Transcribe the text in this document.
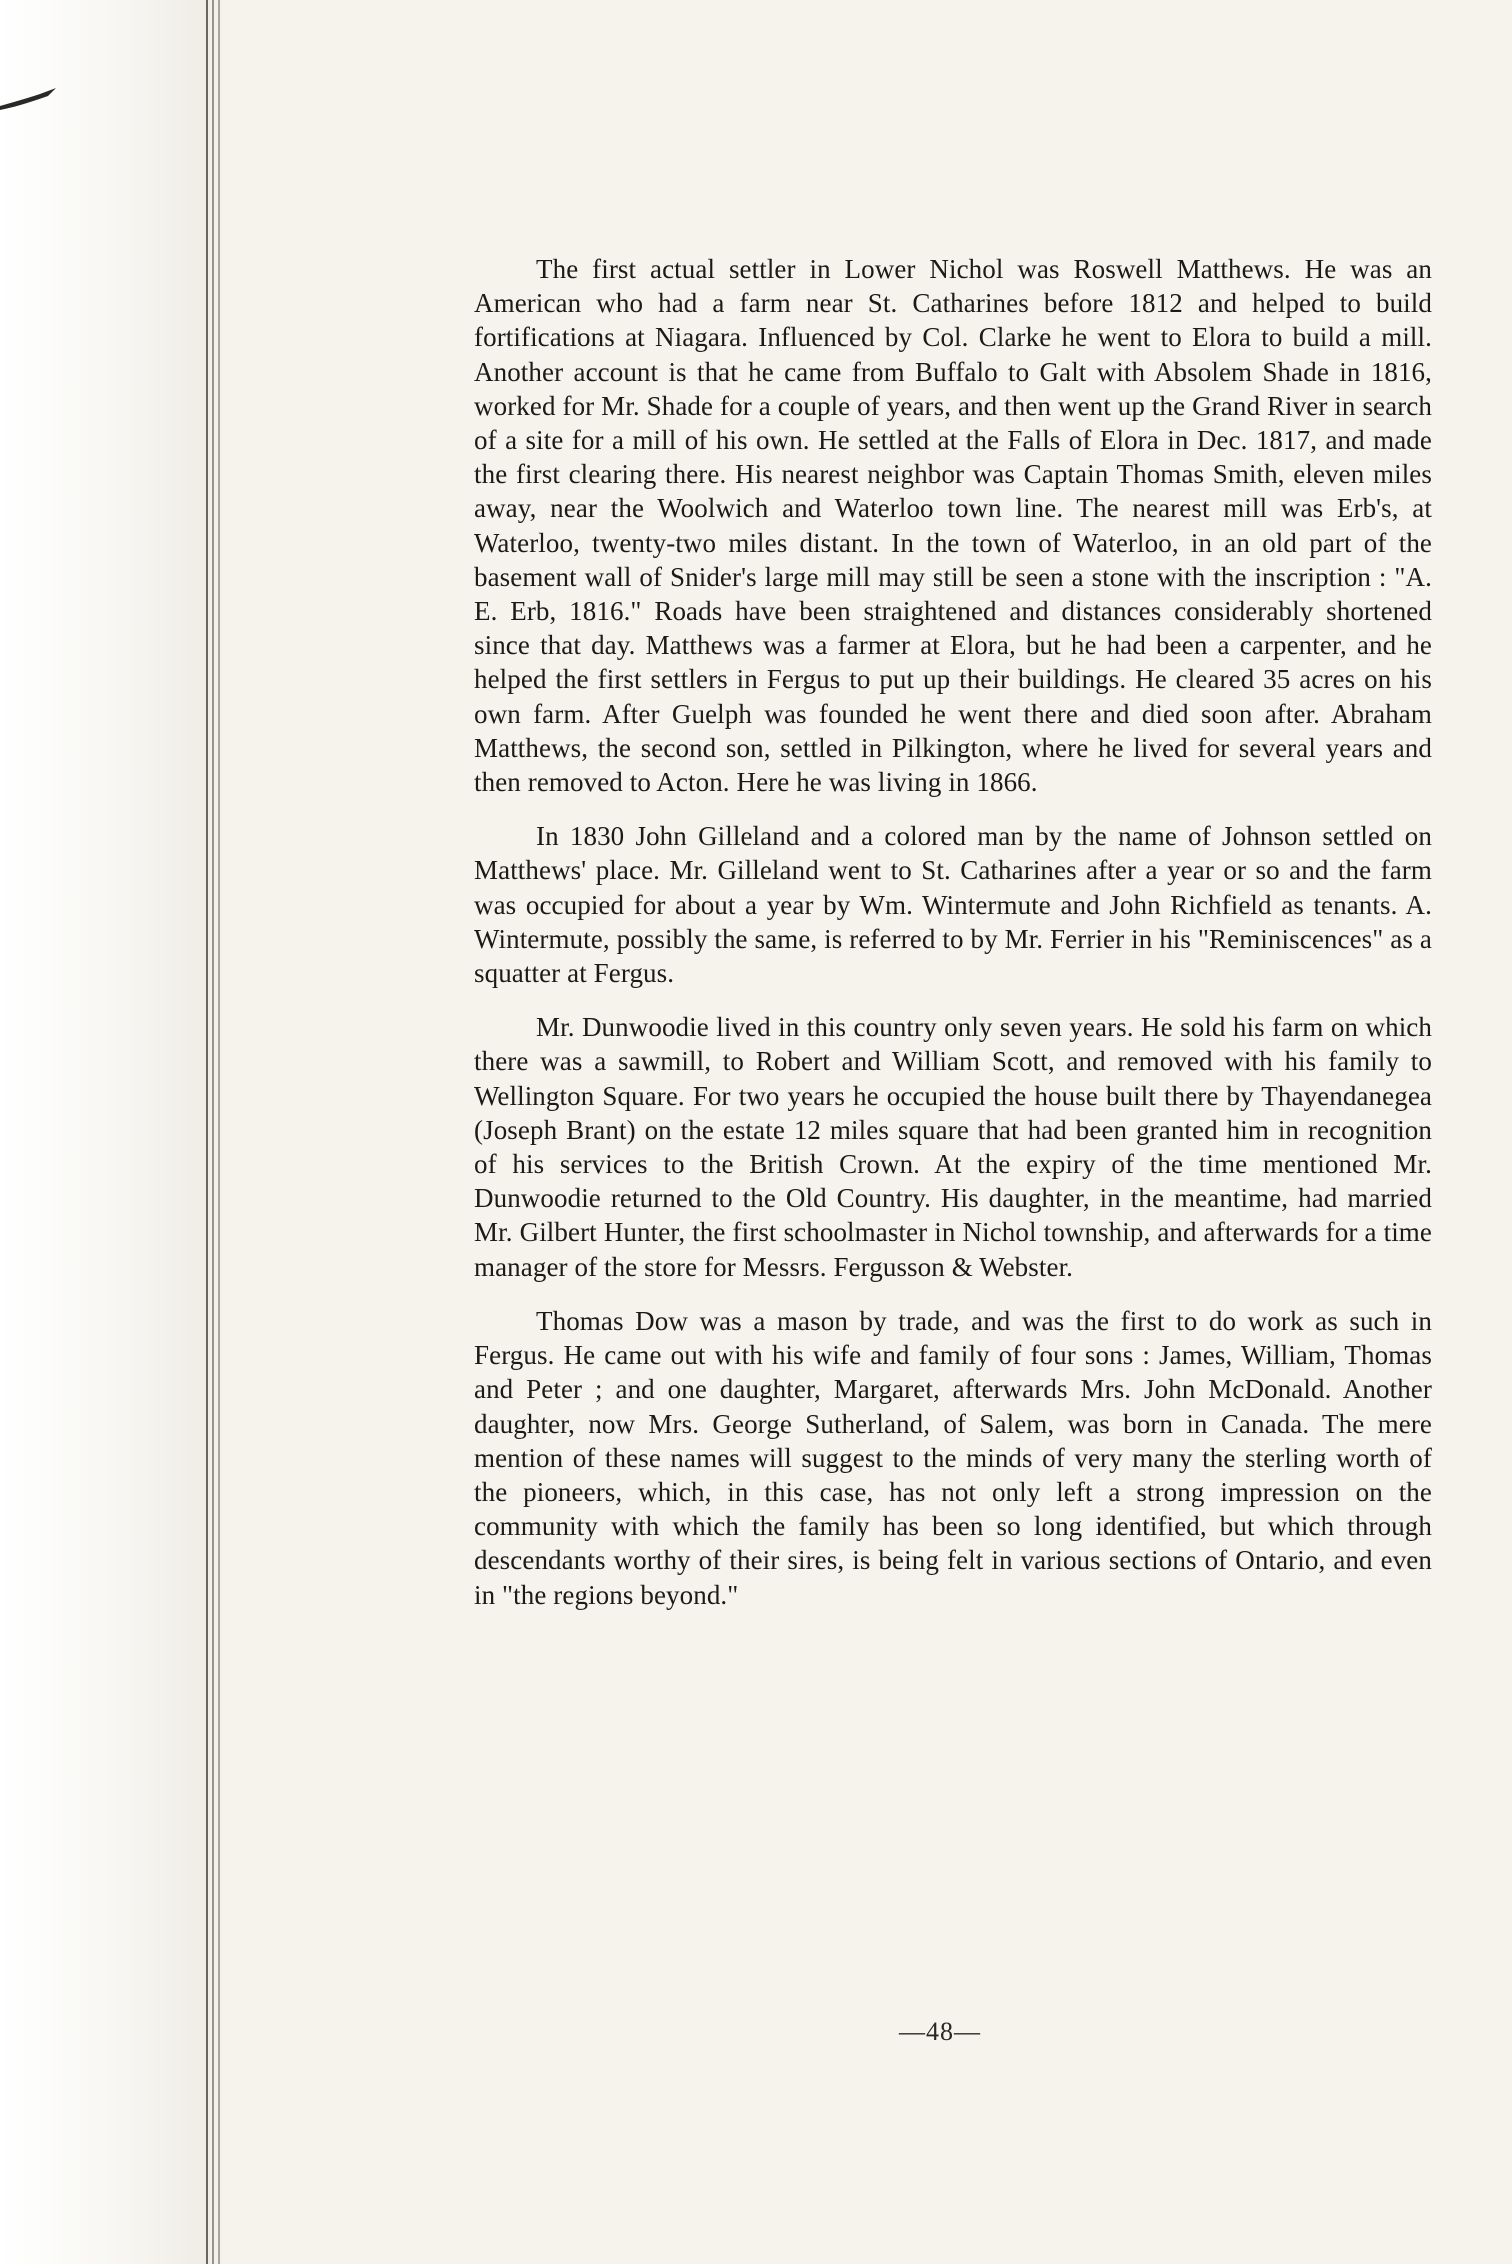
The first actual settler in Lower Nichol was Roswell Matthews. He was an American who had a farm near St. Catharines before 1812 and helped to build fortifications at Niagara. Influenced by Col. Clarke he went to Elora to build a mill. Another account is that he came from Buffalo to Galt with Absolem Shade in 1816, worked for Mr. Shade for a couple of years, and then went up the Grand River in search of a site for a mill of his own. He settled at the Falls of Elora in Dec. 1817, and made the first clearing there. His nearest neighbor was Captain Thomas Smith, eleven miles away, near the Woolwich and Waterloo town line. The nearest mill was Erb's, at Waterloo, twenty-two miles distant. In the town of Waterloo, in an old part of the basement wall of Snider's large mill may still be seen a stone with the inscription : "A. E. Erb, 1816." Roads have been straightened and distances considerably shortened since that day. Matthews was a farmer at Elora, but he had been a carpenter, and he helped the first settlers in Fergus to put up their buildings. He cleared 35 acres on his own farm. After Guelph was founded he went there and died soon after. Abraham Matthews, the second son, settled in Pilkington, where he lived for several years and then removed to Acton. Here he was living in 1866.

In 1830 John Gilleland and a colored man by the name of Johnson settled on Matthews' place. Mr. Gilleland went to St. Catharines after a year or so and the farm was occupied for about a year by Wm. Wintermute and John Richfield as tenants. A. Wintermute, possibly the same, is referred to by Mr. Ferrier in his "Reminiscences" as a squatter at Fergus.

Mr. Dunwoodie lived in this country only seven years. He sold his farm on which there was a sawmill, to Robert and William Scott, and removed with his family to Wellington Square. For two years he occupied the house built there by Thayendanegea (Joseph Brant) on the estate 12 miles square that had been granted him in recognition of his services to the British Crown. At the expiry of the time mentioned Mr. Dunwoodie returned to the Old Country. His daughter, in the meantime, had married Mr. Gilbert Hunter, the first schoolmaster in Nichol township, and afterwards for a time manager of the store for Messrs. Fergusson & Webster.

Thomas Dow was a mason by trade, and was the first to do work as such in Fergus. He came out with his wife and family of four sons : James, William, Thomas and Peter ; and one daughter, Margaret, afterwards Mrs. John McDonald. Another daughter, now Mrs. George Sutherland, of Salem, was born in Canada. The mere mention of these names will suggest to the minds of very many the sterling worth of the pioneers, which, in this case, has not only left a strong impression on the community with which the family has been so long identified, but which through descendants worthy of their sires, is being felt in various sections of Ontario, and even in "the regions beyond."

—48—
